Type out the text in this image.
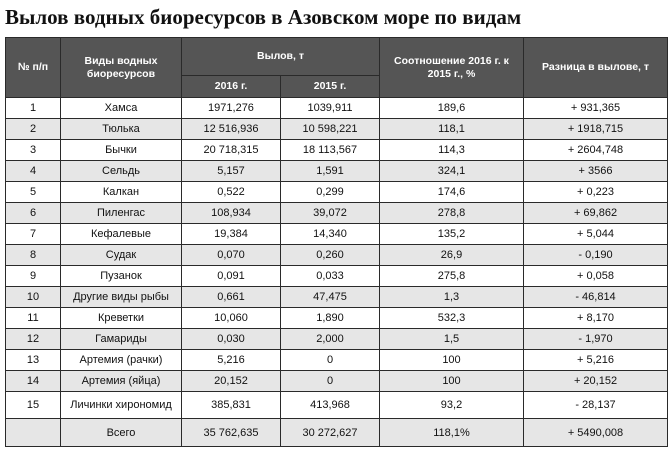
Вылов водных биоресурсов в Азовском море по видам
№ п/п	Виды водных биоресурсов	Вылов, т		Соотношение 2016 г. к 2015 г., %	Разница в вылове, т
		2016 г.	2015 г.		
1	Хамса	1971,276	1039,911	189,6	+ 931,365
2	Тюлька	12 516,936	10 598,221	118,1	+ 1918,715
3	Бычки	20 718,315	18 113,567	114,3	+ 2604,748
4	Сельдь	5,157	1,591	324,1	+ 3566
5	Калкан	0,522	0,299	174,6	+ 0,223
6	Пиленгас	108,934	39,072	278,8	+ 69,862
7	Кефалевые	19,384	14,340	135,2	+ 5,044
8	Судак	0,070	0,260	26,9	- 0,190
9	Пузанок	0,091	0,033	275,8	+ 0,058
10	Другие виды рыбы	0,661	47,475	1,3	- 46,814
11	Креветки	10,060	1,890	532,3	+ 8,170
12	Гамариды	0,030	2,000	1,5	- 1,970
13	Артемия (рачки)	5,216	0	100	+ 5,216
14	Артемия (яйца)	20,152	0	100	+ 20,152
15	Личинки хирономид	385,831	413,968	93,2	- 28,137
	Всего	35 762,635	30 272,627	118,1%	+ 5490,008
